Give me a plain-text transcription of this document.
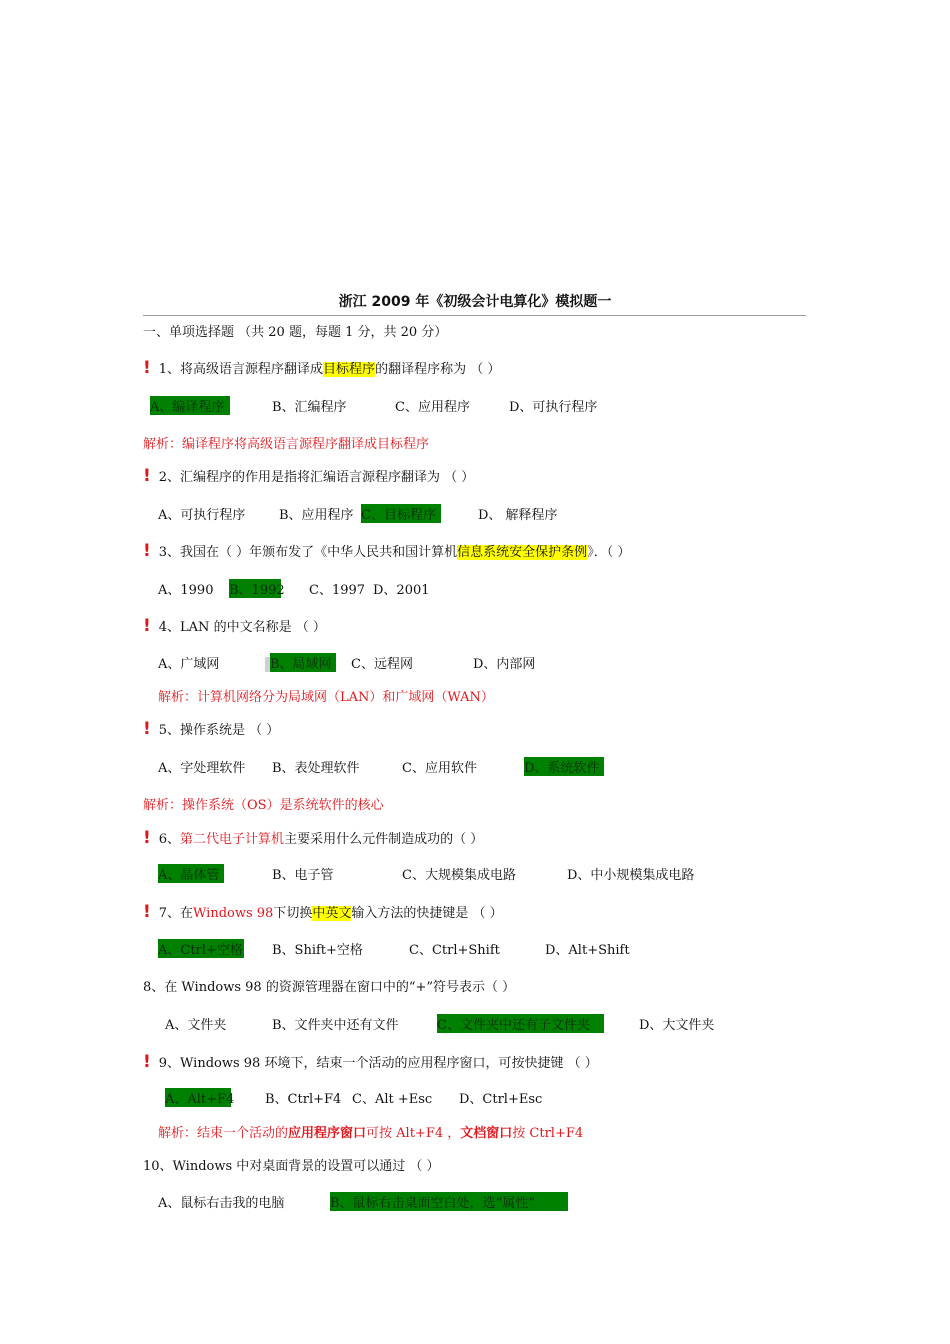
浙江 2009 年《初级会计电算化》模拟题一
一、单项选择题 （共 20 题，每题 1 分，共 20 分）
! 1、将高级语言源程序翻译成目标程序的翻译程序称为 （ ）
A、编译程序	B、汇编程序	C、应用程序	D、可执行程序
解析：编译程序将高级语言源程序翻译成目标程序
! 2、汇编程序的作用是指将汇编语言源程序翻译为 （ ）
A、可执行程序	B、应用程序 C、目标程序	D、 解释程序
! 3、我国在（ ）年颁布发了《中华人民共和国计算机信息系统安全保护条例》．（ ）
A、1990 B、1992 C、1997 D、2001
! 4、LAN 的中文名称是 （ ）
A、广域网	B、局域网	C、远程网	D、内部网
解析：计算机网络分为局域网（LAN）和广域网（WAN）
! 5、操作系统是 （ ）
A、字处理软件 B、表处理软件	C、应用软件	D、系统软件
解析：操作系统（OS）是系统软件的核心
! 6、第二代电子计算机主要采用什么元件制造成功的（ ）
A、晶体管	B、电子管	C、大规模集成电路	D、中小规模集成电路
! 7、在Windows 98下切换中英文输入方法的快捷键是 （ ）
A、Ctrl+空格 B、Shift+空格	C、Ctrl+Shift	D、Alt+Shift
8、在 Windows 98 的资源管理器在窗口中的“+”符号表示（ ）
A、文件夹	B、文件夹中还有文件	C、文件夹中还有子文件夹	D、大文件夹
! 9、Windows 98 环境下，结束一个活动的应用程序窗口，可按快捷键 （ ）
A、Alt+F4 B、Ctrl+F4 C、Alt +Esc D、Ctrl+Esc
解析：结束一个活动的应用程序窗口可按 Alt+F4 ，文档窗口按 Ctrl+F4
10、Windows 中对桌面背景的设置可以通过 （ ）
A、鼠标右击我的电脑	B、鼠标右击桌面空白处，选“属性”
